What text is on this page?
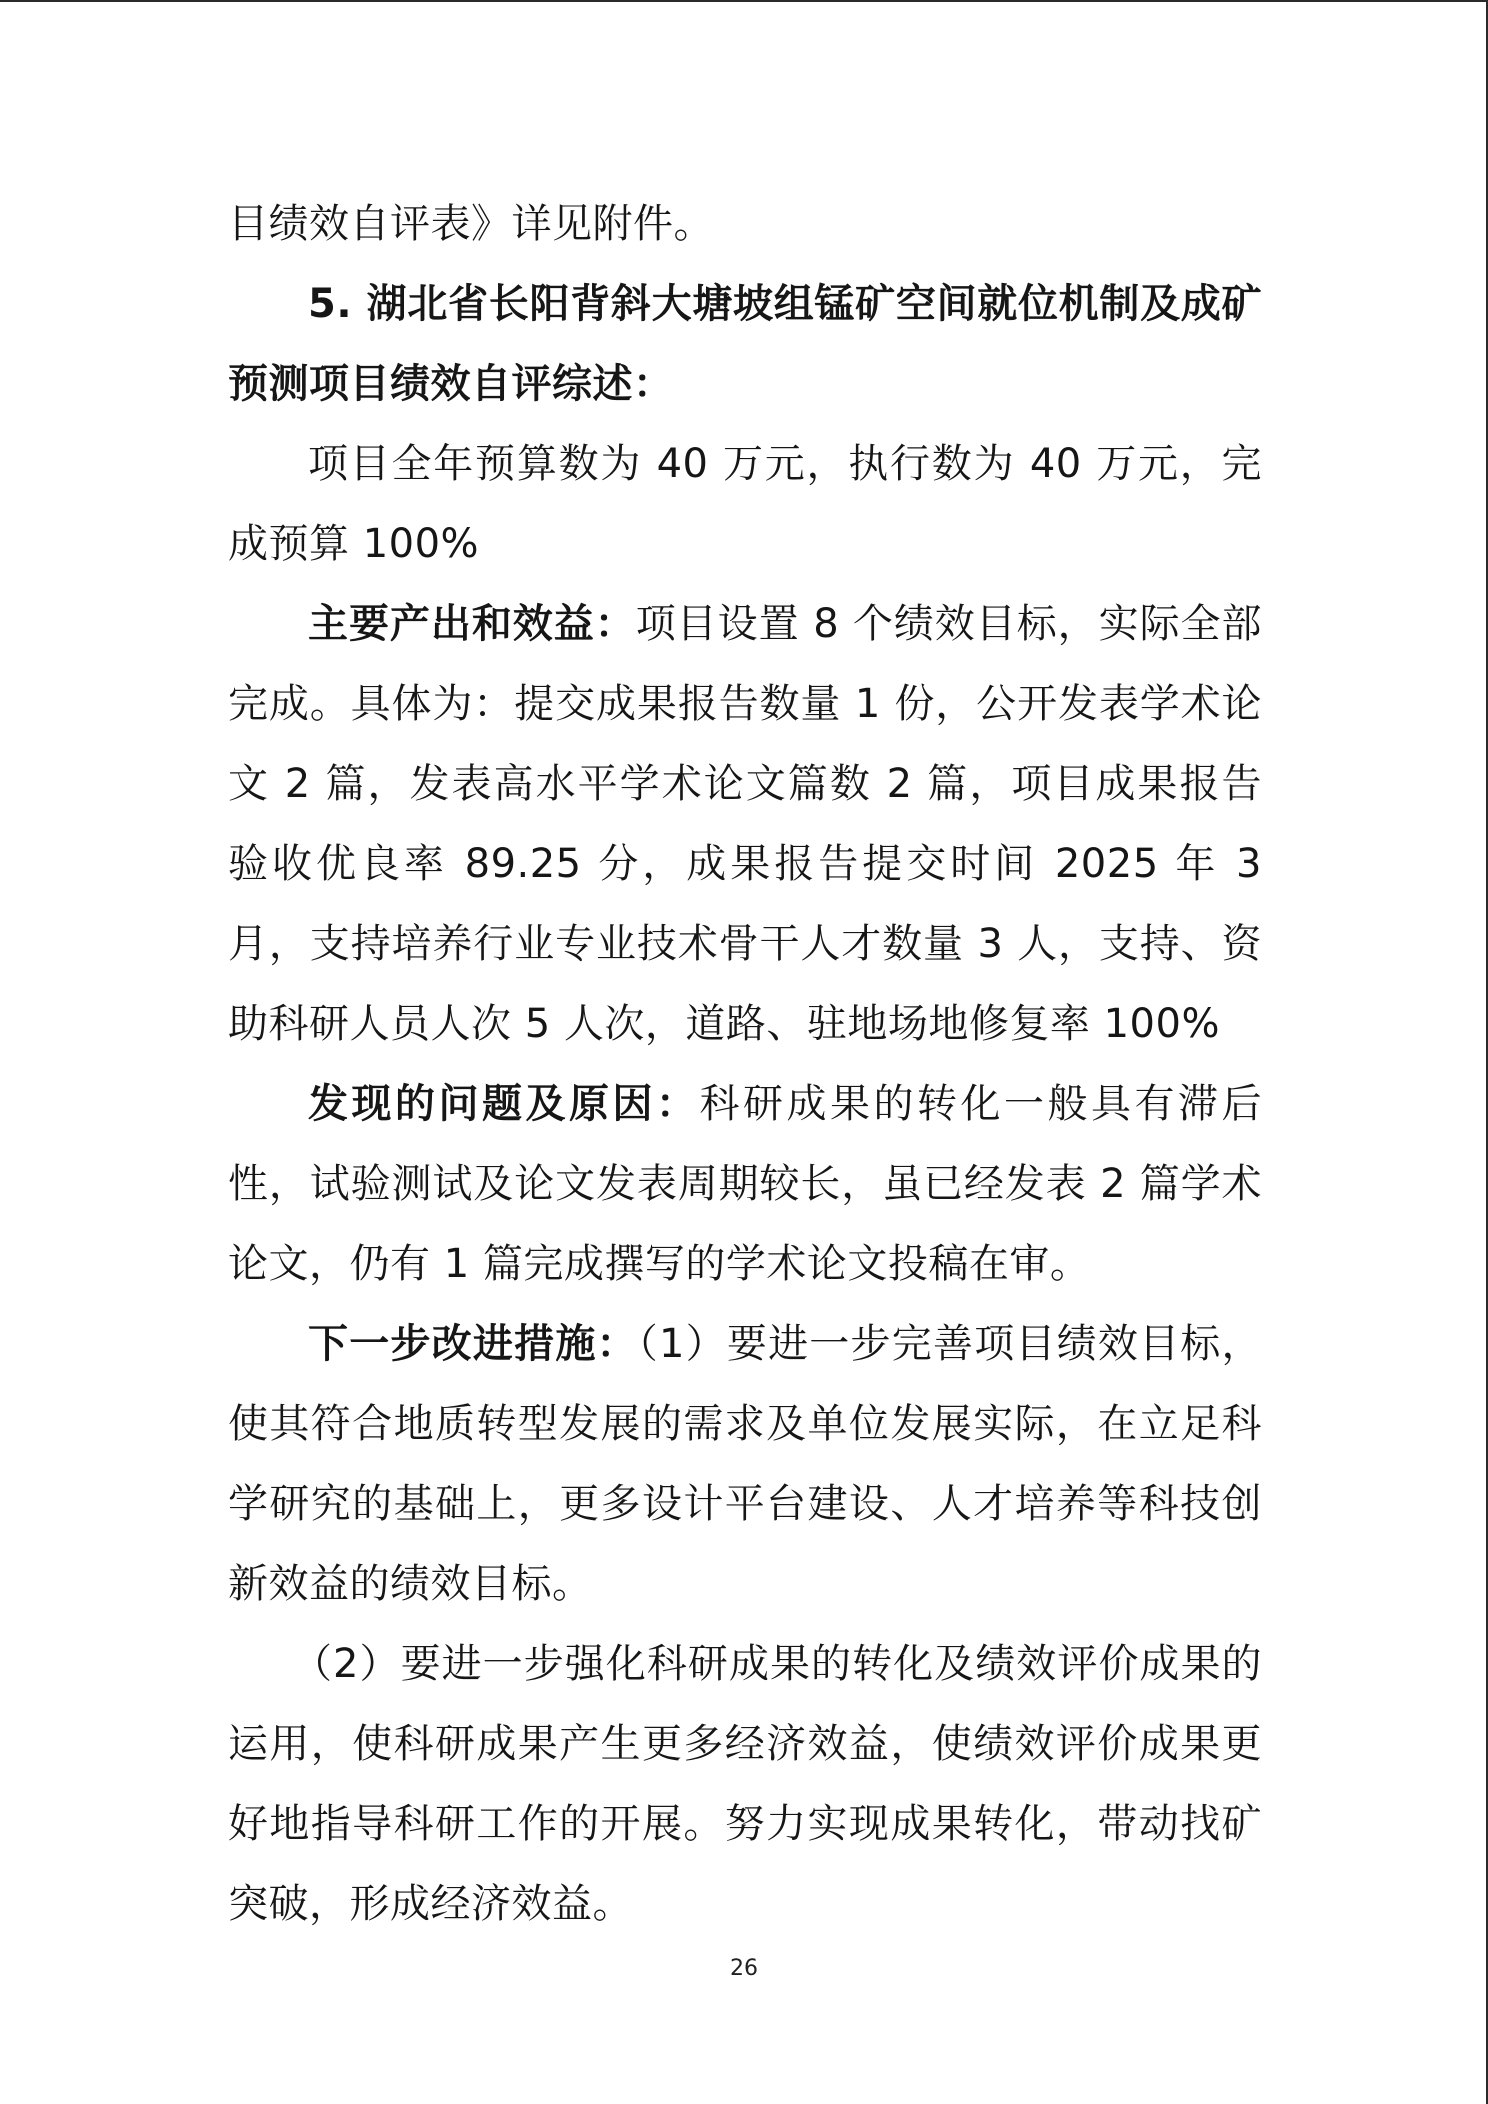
目绩效自评表》详见附件。

5. 湖北省长阳背斜大塘坡组锰矿空间就位机制及成矿预测项目绩效自评综述：

项目全年预算数为 40 万元，执行数为 40 万元，完成预算 100%

主要产出和效益：项目设置 8 个绩效目标，实际全部完成。具体为：提交成果报告数量 1 份，公开发表学术论文 2 篇，发表高水平学术论文篇数 2 篇，项目成果报告验收优良率 89.25 分，成果报告提交时间 2025 年 3 月，支持培养行业专业技术骨干人才数量 3 人，支持、资助科研人员人次 5 人次，道路、驻地场地修复率 100%

发现的问题及原因：科研成果的转化一般具有滞后性，试验测试及论文发表周期较长，虽已经发表 2 篇学术论文，仍有 1 篇完成撰写的学术论文投稿在审。

下一步改进措施：（1）要进一步完善项目绩效目标，使其符合地质转型发展的需求及单位发展实际，在立足科学研究的基础上，更多设计平台建设、人才培养等科技创新效益的绩效目标。

（2）要进一步强化科研成果的转化及绩效评价成果的运用，使科研成果产生更多经济效益，使绩效评价成果更好地指导科研工作的开展。努力实现成果转化，带动找矿突破，形成经济效益。

26
